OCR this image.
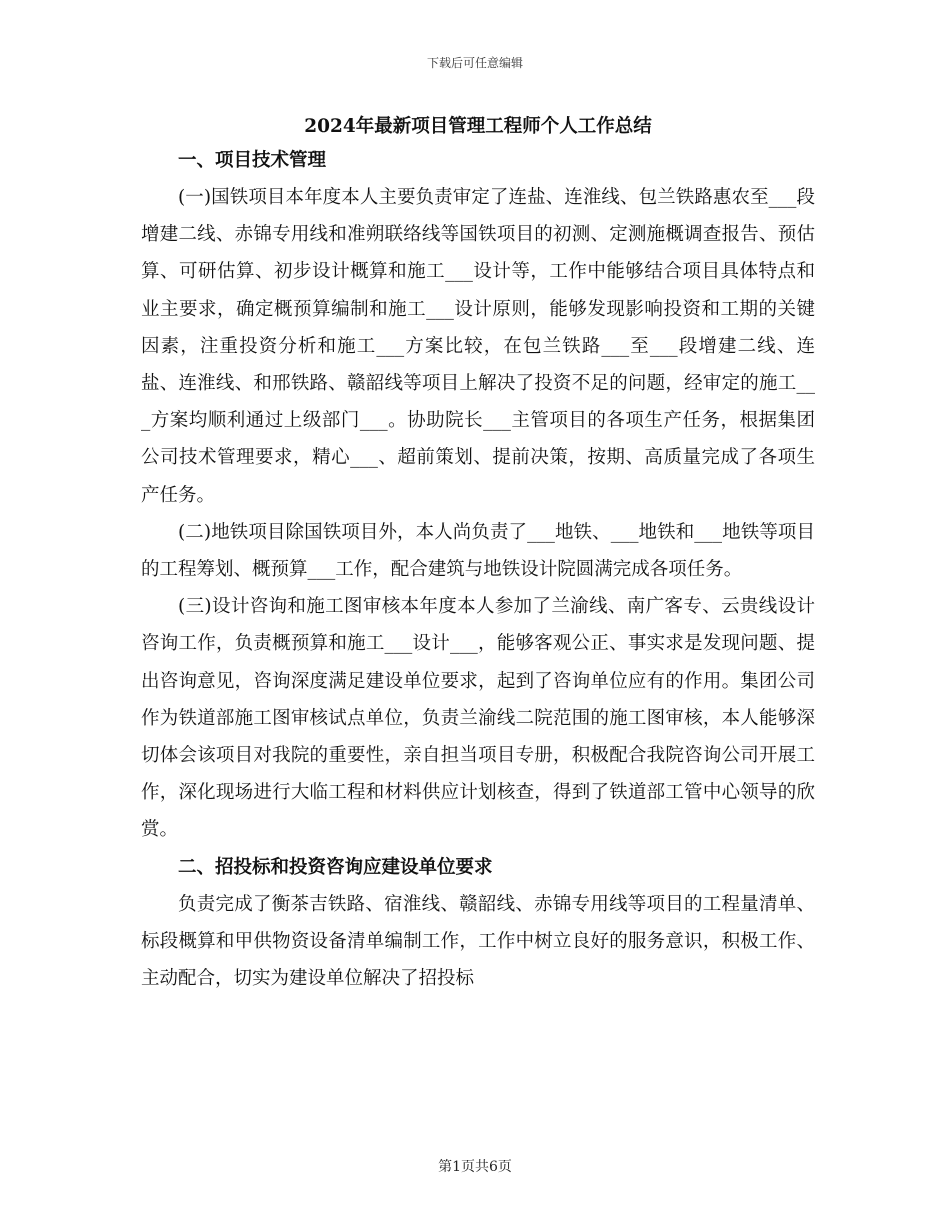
下载后可任意编辑
2024年最新项目管理工程师个人工作总结
一、项目技术管理

(一)国铁项目本年度本人主要负责审定了连盐、连淮线、包兰铁路惠农至___段增建二线、赤锦专用线和准朔联络线等国铁项目的初测、定测施概调查报告、预估算、可研估算、初步设计概算和施工___设计等，工作中能够结合项目具体特点和业主要求，确定概预算编制和施工___设计原则，能够发现影响投资和工期的关键因素，注重投资分析和施工___方案比较，在包兰铁路___至___段增建二线、连盐、连淮线、和邢铁路、赣韶线等项目上解决了投资不足的问题，经审定的施工___方案均顺利通过上级部门___。协助院长___主管项目的各项生产任务，根据集团公司技术管理要求，精心___、超前策划、提前决策，按期、高质量完成了各项生产任务。

(二)地铁项目除国铁项目外，本人尚负责了___地铁、___地铁和___地铁等项目的工程筹划、概预算___工作，配合建筑与地铁设计院圆满完成各项任务。

(三)设计咨询和施工图审核本年度本人参加了兰渝线、南广客专、云贵线设计咨询工作，负责概预算和施工___设计___，能够客观公正、事实求是发现问题、提出咨询意见，咨询深度满足建设单位要求，起到了咨询单位应有的作用。集团公司作为铁道部施工图审核试点单位，负责兰渝线二院范围的施工图审核，本人能够深切体会该项目对我院的重要性，亲自担当项目专册，积极配合我院咨询公司开展工作，深化现场进行大临工程和材料供应计划核查，得到了铁道部工管中心领导的欣赏。

二、招投标和投资咨询应建设单位要求

负责完成了衡茶吉铁路、宿淮线、赣韶线、赤锦专用线等项目的工程量清单、标段概算和甲供物资设备清单编制工作，工作中树立良好的服务意识，积极工作、主动配合，切实为建设单位解决了招投标

第1页共6页
